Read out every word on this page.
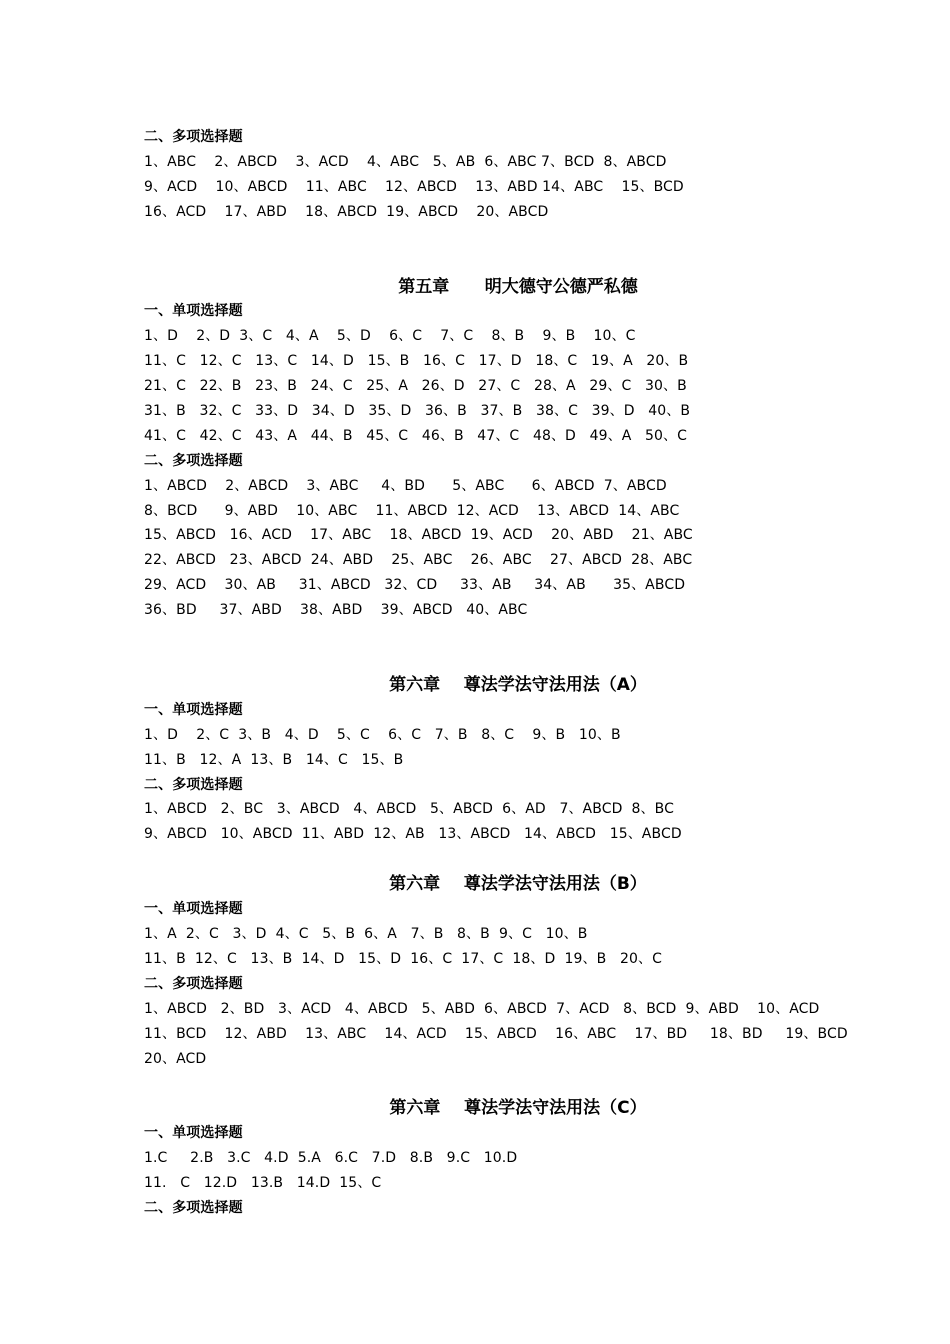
二、多项选择题
1、ABC    2、ABCD    3、ACD    4、ABC   5、AB  6、ABC 7、BCD  8、ABCD
9、ACD    10、ABCD    11、ABC    12、ABCD    13、ABD 14、ABC    15、BCD
16、ACD    17、ABD    18、ABCD  19、ABCD    20、ABCD
第五章      明大德守公德严私德
一、单项选择题
1、D    2、D  3、C   4、A    5、D    6、C    7、C    8、B    9、B    10、C
11、C   12、C   13、C   14、D   15、B   16、C   17、D   18、C   19、A   20、B
21、C   22、B   23、B   24、C   25、A   26、D   27、C   28、A   29、C   30、B
31、B   32、C   33、D   34、D   35、D   36、B   37、B   38、C   39、D   40、B
41、C   42、C   43、A   44、B   45、C   46、B   47、C   48、D   49、A   50、C
二、多项选择题
1、ABCD    2、ABCD    3、ABC     4、BD      5、ABC      6、ABCD  7、ABCD
8、BCD      9、ABD    10、ABC    11、ABCD  12、ACD    13、ABCD  14、ABC
15、ABCD   16、ACD    17、ABC    18、ABCD  19、ACD    20、ABD    21、ABC
22、ABCD   23、ABCD  24、ABD    25、ABC    26、ABC    27、ABCD  28、ABC
29、ACD    30、AB     31、ABCD   32、CD     33、AB     34、AB      35、ABCD
36、BD     37、ABD    38、ABD    39、ABCD   40、ABC
第六章    尊法学法守法用法（A）
一、单项选择题
1、D    2、C  3、B   4、D    5、C    6、C   7、B   8、C    9、B   10、B
11、B   12、A  13、B   14、C   15、B
二、多项选择题
1、ABCD   2、BC   3、ABCD   4、ABCD   5、ABCD  6、AD   7、ABCD  8、BC
9、ABCD   10、ABCD  11、ABD  12、AB   13、ABCD   14、ABCD   15、ABCD
第六章    尊法学法守法用法（B）
一、单项选择题
1、A  2、C   3、D  4、C   5、B  6、A   7、B   8、B  9、C   10、B
11、B  12、C   13、B  14、D   15、D  16、C  17、C  18、D  19、B   20、C
二、多项选择题
1、ABCD   2、BD   3、ACD   4、ABCD   5、ABD  6、ABCD  7、ACD   8、BCD  9、ABD    10、ACD
11、BCD    12、ABD    13、ABC    14、ACD    15、ABCD    16、ABC    17、BD     18、BD     19、BCD
20、ACD
第六章    尊法学法守法用法（C）
一、单项选择题
1.C     2.B   3.C   4.D  5.A   6.C   7.D   8.B   9.C   10.D
11.   C   12.D   13.B   14.D  15、C
二、多项选择题
